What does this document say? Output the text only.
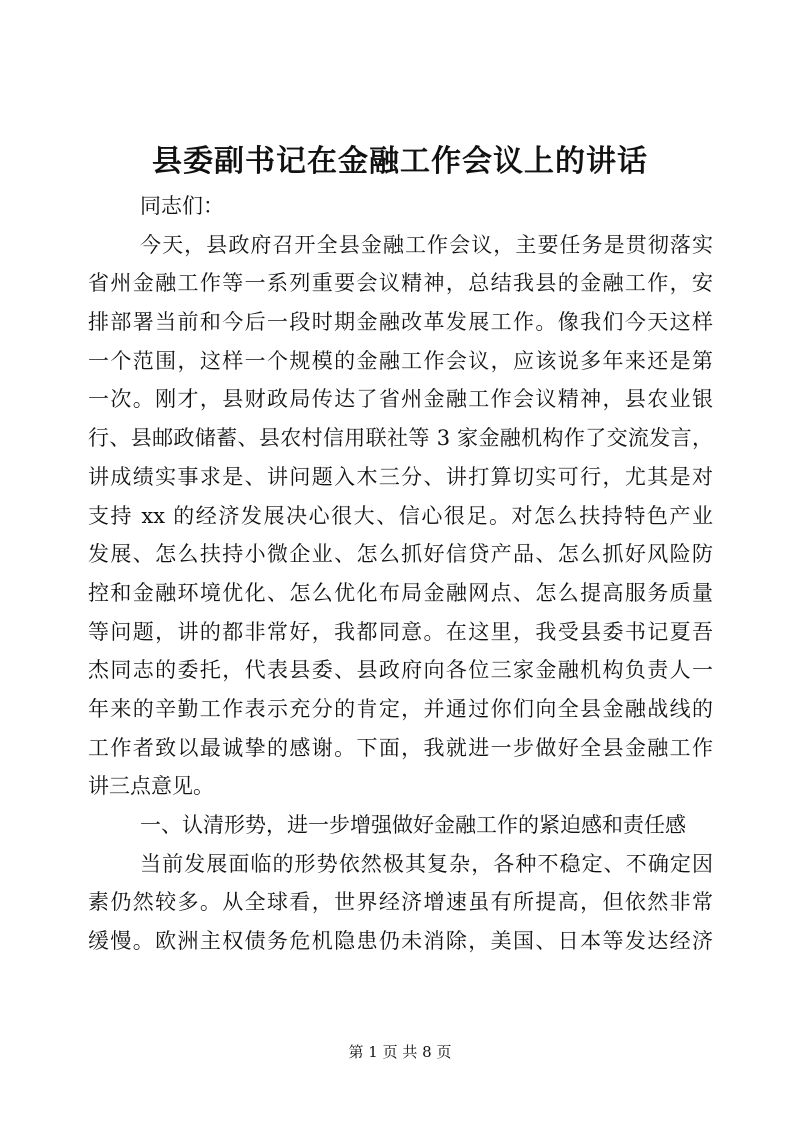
县委副书记在金融工作会议上的讲话
同志们：
今天，县政府召开全县金融工作会议，主要任务是贯彻落实
省州金融工作等一系列重要会议精神，总结我县的金融工作，安
排部署当前和今后一段时期金融改革发展工作。像我们今天这样
一个范围，这样一个规模的金融工作会议，应该说多年来还是第
一次。刚才，县财政局传达了省州金融工作会议精神，县农业银
行、县邮政储蓄、县农村信用联社等 3 家金融机构作了交流发言，
讲成绩实事求是、讲问题入木三分、讲打算切实可行，尤其是对
支持 xx 的经济发展决心很大、信心很足。对怎么扶持特色产业
发展、怎么扶持小微企业、怎么抓好信贷产品、怎么抓好风险防
控和金融环境优化、怎么优化布局金融网点、怎么提高服务质量
等问题，讲的都非常好，我都同意。在这里，我受县委书记夏吾
杰同志的委托，代表县委、县政府向各位三家金融机构负责人一
年来的辛勤工作表示充分的肯定，并通过你们向全县金融战线的
工作者致以最诚挚的感谢。下面，我就进一步做好全县金融工作
讲三点意见。
一、认清形势，进一步增强做好金融工作的紧迫感和责任感
当前发展面临的形势依然极其复杂，各种不稳定、不确定因
素仍然较多。从全球看，世界经济增速虽有所提高，但依然非常
缓慢。欧洲主权债务危机隐患仍未消除，美国、日本等发达经济
第 1 页 共 8 页
